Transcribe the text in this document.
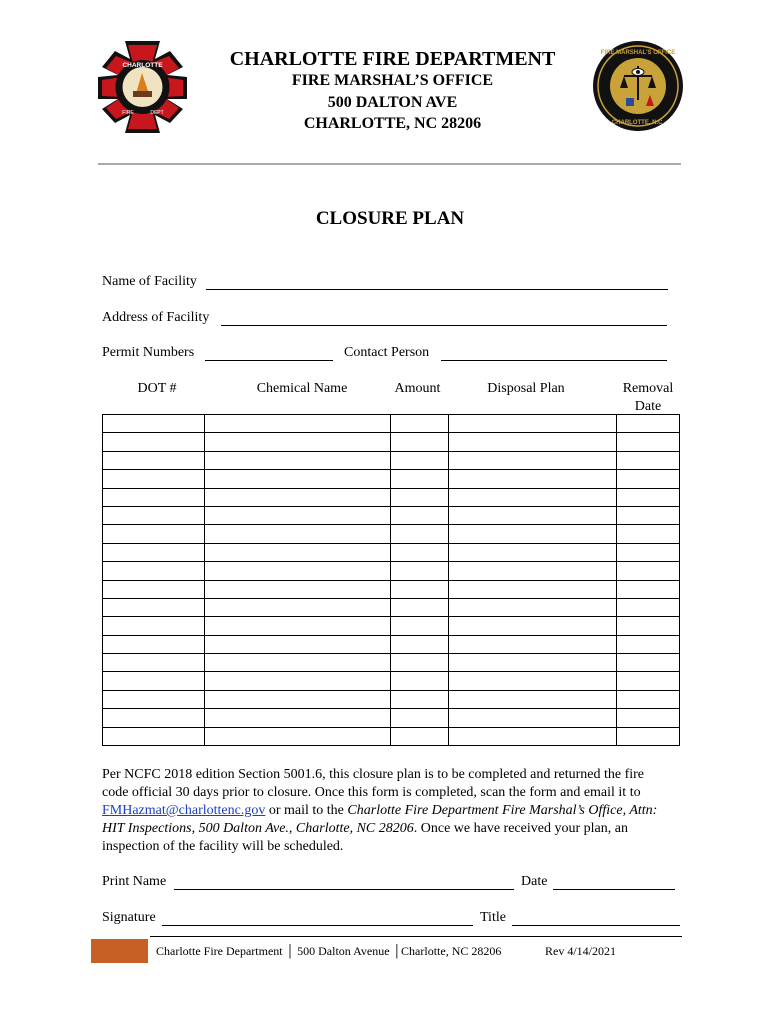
CHARLOTTE
FIRE	DEPT
CHARLOTTE FIRE DEPARTMENT
FIRE MARSHAL’S OFFICE
500 DALTON AVE
CHARLOTTE, NC 28206
FIRE MARSHAL'S OFFICE
CHARLOTTE, N.C.
CLOSURE PLAN
Name of Facility
Address of Facility
Permit Numbers	Contact Person
DOT #	Chemical Name	Amount	Disposal Plan	Removal
Date

Per NCFC 2018 edition Section 5001.6, this closure plan is to be completed and returned the fire code official 30 days prior to closure. Once this form is completed, scan the form and email it to FMHazmat@charlottenc.gov or mail to the Charlotte Fire Department Fire Marshal’s Office, Attn: HIT Inspections, 500 Dalton Ave., Charlotte, NC 28206. Once we have received your plan, an inspection of the facility will be scheduled.
Print Name	Date
Signature	Title
Charlotte Fire Department │ 500 Dalton Avenue │Charlotte, NC 28206	Rev 4/14/2021
